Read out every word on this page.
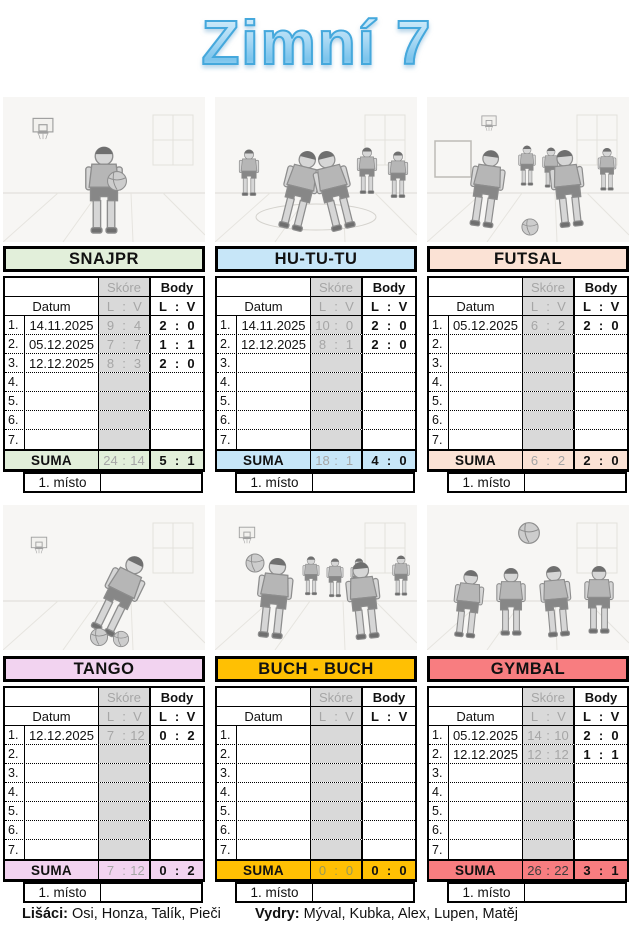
Zimní 7
SNAJPR
Skóre	Body
Datum	L : V	L : V
1. 14.11.2025	9 : 4	2 : 0
2. 05.12.2025 7 : 7	1 : 1
3. 12.12.2025 8 : 3	2 : 0
4.
5.
6.
7.
SUMA	24 : 14	5 : 1
1. místo
HU-TU-TU
Skóre	Body
Datum	L : V	L : V
1. 14.11.2025 10 : 0	2 : 0
2. 12.12.2025 8 : 1	2 : 0
3.
4.
5.
6.
7.
SUMA	18 : 1	4 : 0
1. místo
FUTSAL
Skóre	Body
Datum	L : V	L : V
1. 05.12.2025 6 : 2	2 : 0
2.
3.
4.
5.
6.
7.
SUMA	6 : 2	2 : 0
1. místo
TANGO
Skóre	Body
Datum	L : V	L : V
1. 12.12.2025 7 : 12	0 : 2
2.
3.
4.
5.
6.
7.
SUMA	7 : 12	0 : 2
1. místo
BUCH - BUCH
Skóre	Body
Datum	L : V	L : V
1.
2.
3.
4.
5.
6.
7.
SUMA	0 : 0	0 : 0
1. místo
GYMBAL
Skóre	Body
Datum	L : V	L : V
1. 05.12.2025 14 : 10	2 : 0
2. 12.12.2025 12 : 12	1 : 1
3.
4.
5.
6.
7.
SUMA	26 : 22	3 : 1
1. místo
Lišáci: Osi, Honza, Talík, Pieči Vydry: Mýval, Kubka, Alex, Lupen, Matěj
